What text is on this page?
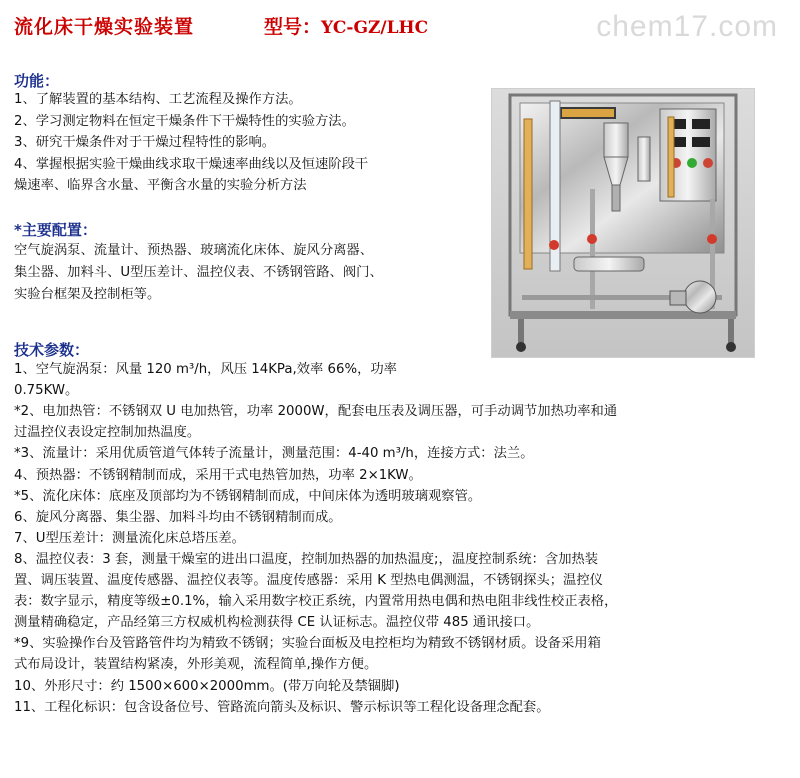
流化床干燥实验装置	型号：YC-GZ/LHC	chem17.com
功能：
1、了解装置的基本结构、工艺流程及操作方法。
2、学习测定物料在恒定干燥条件下干燥特性的实验方法。
3、研究干燥条件对于干燥过程特性的影响。
4、掌握根据实验干燥曲线求取干燥速率曲线以及恒速阶段干
燥速率、临界含水量、平衡含水量的实验分析方法
*主要配置：
空气旋涡泵、流量计、预热器、玻璃流化床体、旋风分离器、
集尘器、加料斗、U型压差计、温控仪表、不锈钢管路、阀门、
实验台框架及控制柜等。
技术参数：
1、空气旋涡泵：风量 120 m³/h，风压 14KPa,效率 66%，功率
0.75KW。
*2、电加热管：不锈钢双 U 电加热管，功率 2000W，配套电压表及调压器，可手动调节加热功率和通
过温控仪表设定控制加热温度。
*3、流量计：采用优质管道气体转子流量计，测量范围：4-40 m³/h，连接方式：法兰。
4、预热器：不锈钢精制而成，采用干式电热管加热，功率 2×1KW。
*5、流化床体：底座及顶部均为不锈钢精制而成，中间床体为透明玻璃观察管。
6、旋风分离器、集尘器、加料斗均由不锈钢精制而成。
7、U型压差计：测量流化床总塔压差。
8、温控仪表：3 套，测量干燥室的进出口温度，控制加热器的加热温度;，温度控制系统：含加热装
置、调压装置、温度传感器、温控仪表等。温度传感器：采用 K 型热电偶测温，不锈钢探头；温控仪
表：数字显示，精度等级±0.1%，输入采用数字校正系统，内置常用热电偶和热电阻非线性校正表格，
测量精确稳定，产品经第三方权威机构检测获得 CE 认证标志。温控仪带 485 通讯接口。
*9、实验操作台及管路管件均为精致不锈钢；实验台面板及电控柜均为精致不锈钢材质。设备采用箱
式布局设计，装置结构紧凑，外形美观，流程简单,操作方便。
10、外形尺寸：约 1500×600×2000mm。(带万向轮及禁锢脚)
11、工程化标识：包含设备位号、管路流向箭头及标识、警示标识等工程化设备理念配套。
